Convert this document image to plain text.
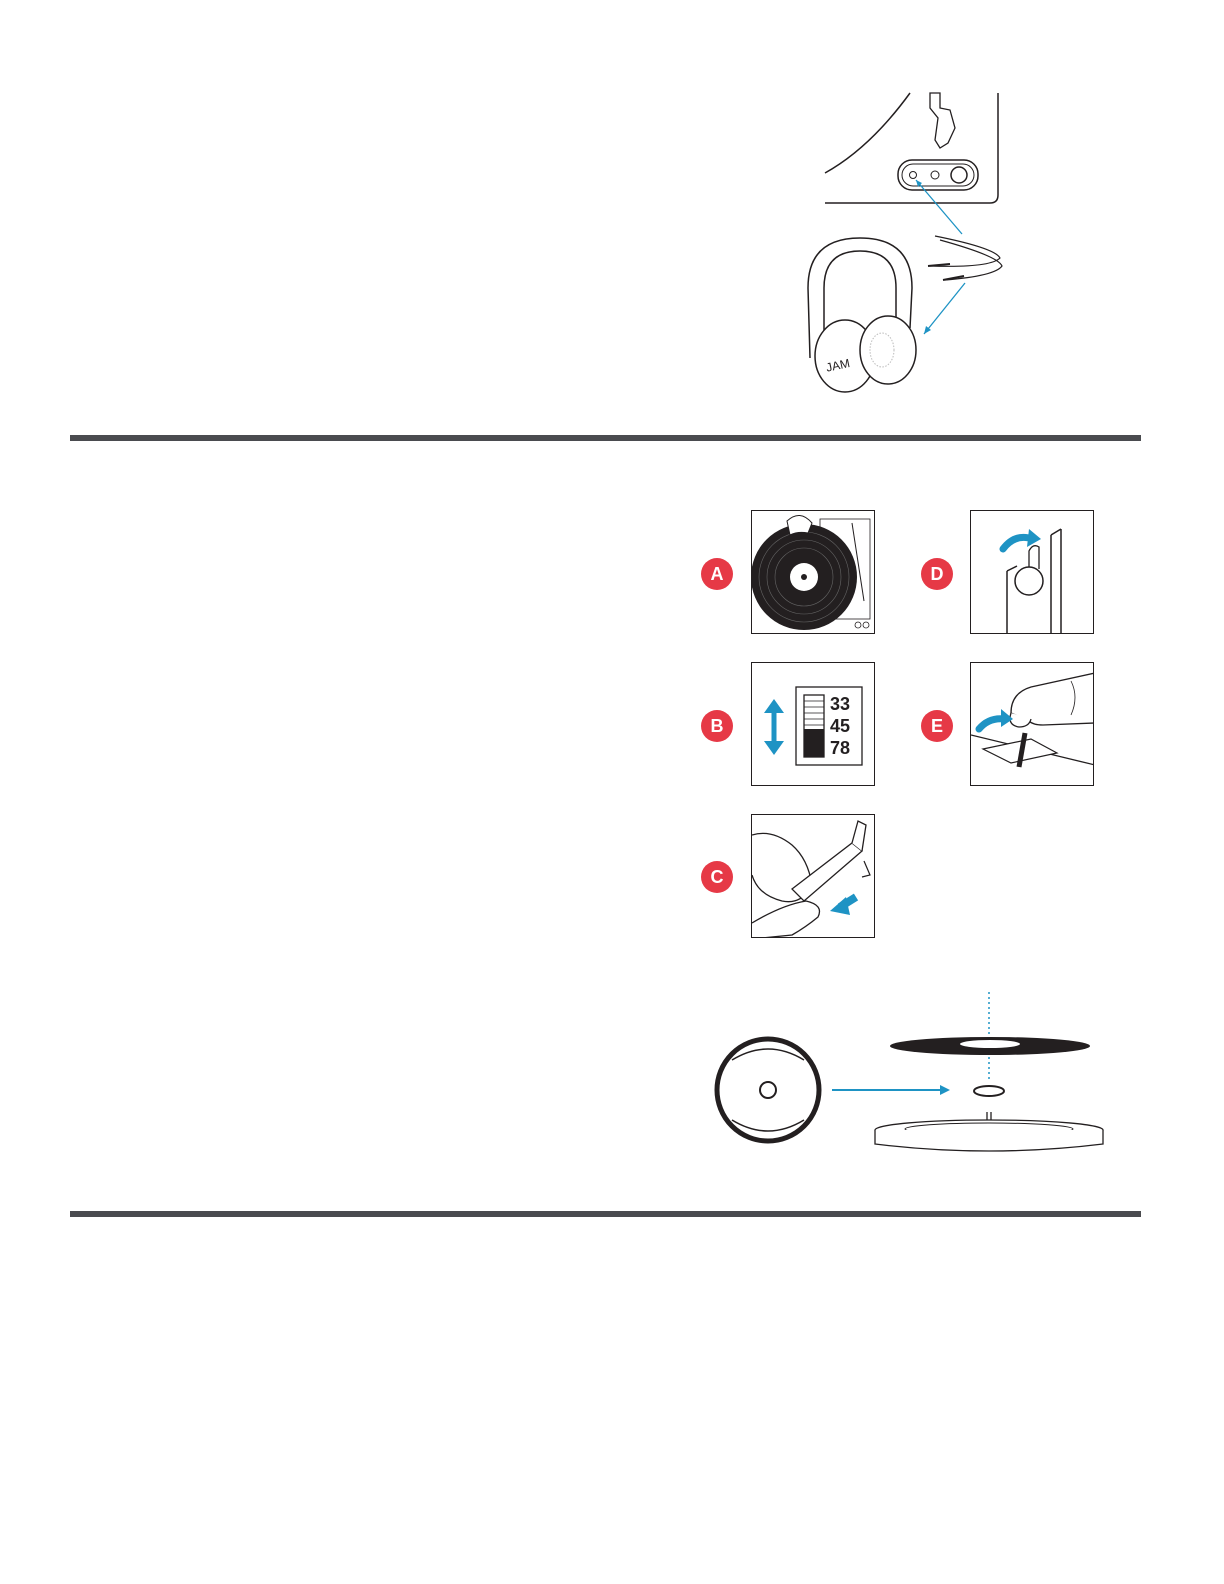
JAM
A	D
B
33
45
78
E
C
